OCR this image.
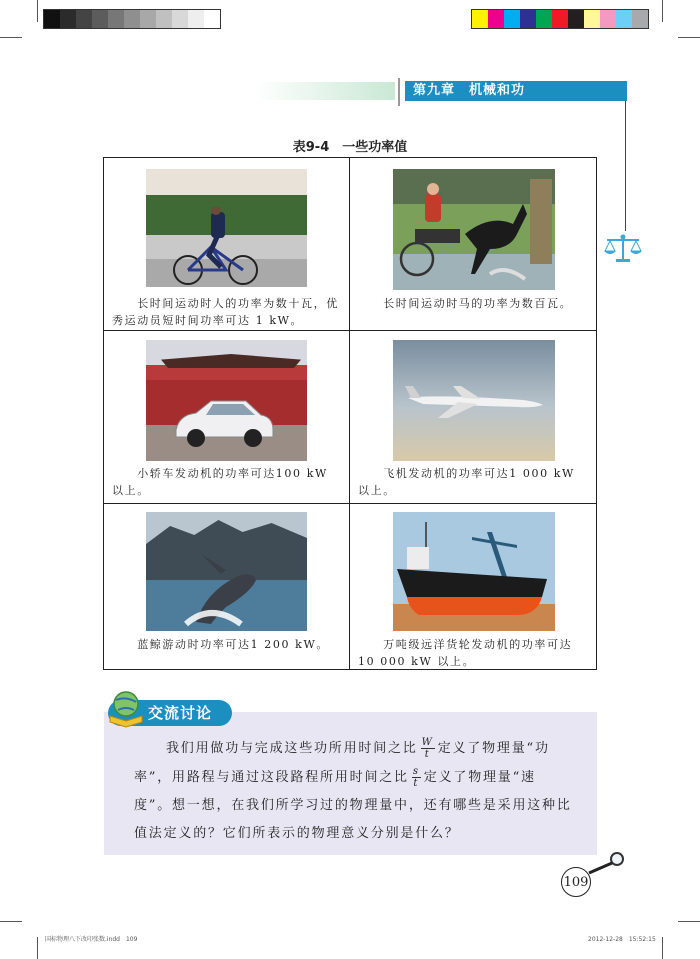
第九章　机械和功
表9-4　一些功率值
　　长时间运动时人的功率为数十瓦，优
秀运动员短时间功率可达 1 kW。
　　长时间运动时马的功率为数百瓦。
　　小轿车发动机的功率可达100 kW
以上。
　　飞机发动机的功率可达1 000 kW
以上。
　　蓝鲸游动时功率可达1 200 kW。	　　万吨级远洋货轮发动机的功率可达
10 000 kW 以上。
交流讨论
我们用做功与完成这些功所用时间之比 $\frac{W}{t}$ 定义了物理量“功
率”，用路程与通过这段路程所用时间之比 $\frac{s}{t}$ 定义了物理量“速
度”。想一想，在我们所学习过的物理量中，还有哪些是采用这种比
值法定义的？它们所表示的物理意义分别是什么？
109
国标物理八下改印张数.indd　109	2012-12-28　15:52:15
